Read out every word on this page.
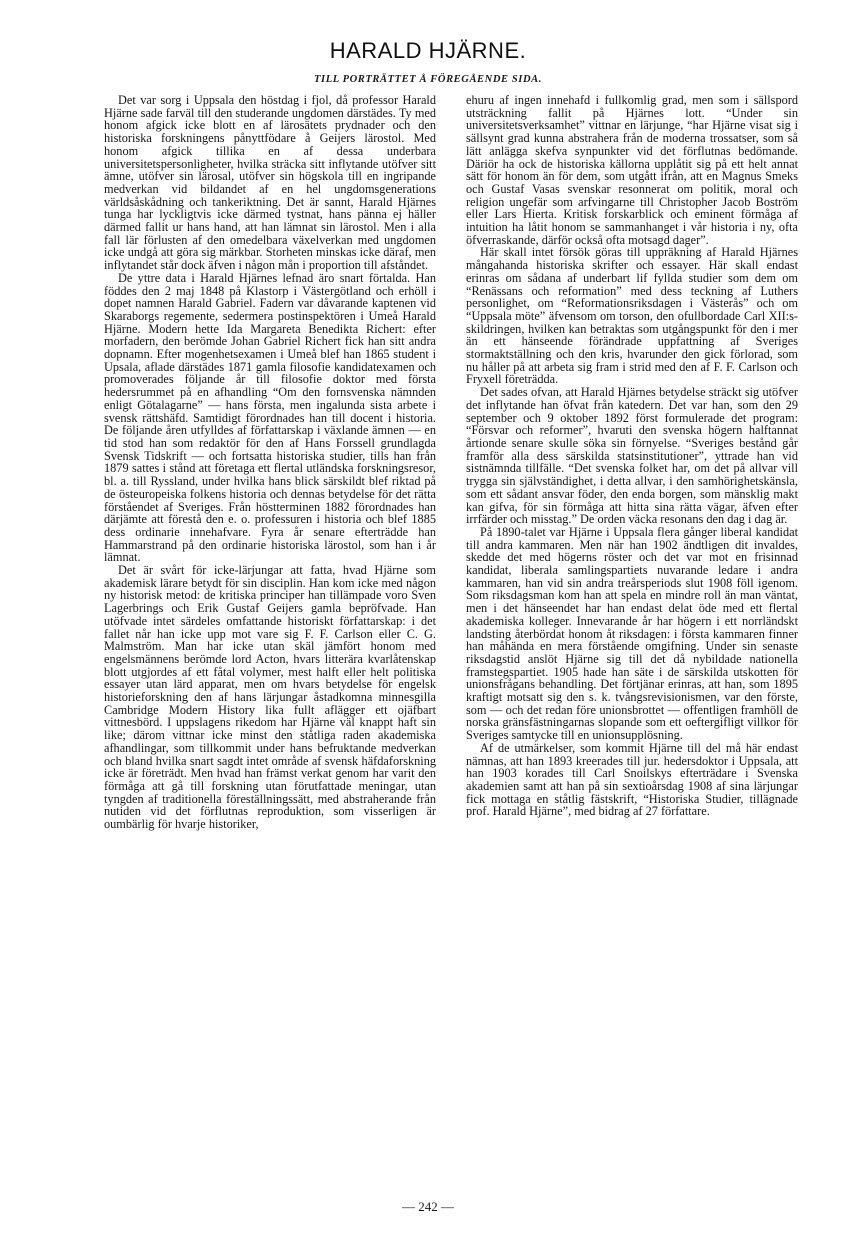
HARALD HJÄRNE.
TILL PORTRÄTTET Å FÖREGÅENDE SIDA.

Det var sorg i Uppsala den höstdag i fjol, då professor Harald Hjärne sade farväl till den studerande ungdomen därstädes. Ty med honom afgick icke blott en af lärosätets prydnader och den historiska forskningens pånyttfödare å Geijers lärostol. Med honom afgick tillika en af dessa underbara universitetspersonligheter, hvilka sträcka sitt inflytande utöfver sitt ämne, utöfver sin lärosal, utöfver sin högskola till en ingripande medverkan vid bildandet af en hel ungdomsgenerations världsåskådning och tankeriktning. Det är sannt, Harald Hjärnes tunga har lyckligtvis icke därmed tystnat, hans pänna ej häller därmed fallit ur hans hand, att han lämnat sin lärostol. Men i alla fall lär förlusten af den omedelbara växelverkan med ungdomen icke undgå att göra sig märkbar. Storheten minskas icke däraf, men inflytandet står dock äfven i någon mån i proportion till afståndet.

De yttre data i Harald Hjärnes lefnad äro snart förtalda. Han föddes den 2 maj 1848 på Klastorp i Västergötland och erhöll i dopet namnen Harald Gabriel. Fadern var dåvarande kaptenen vid Skaraborgs regemente, sedermera postinspektören i Umeå Harald Hjärne. Modern hette Ida Margareta Benedikta Richert: efter morfadern, den berömde Johan Gabriel Richert fick han sitt andra dopnamn. Efter mogenhetsexamen i Umeå blef han 1865 student i Upsala, aflade därstädes 1871 gamla filosofie kandidatexamen och promoverades följande år till filosofie doktor med första hedersrummet på en afhandling “Om den fornsvenska nämnden enligt Götalagarne” — hans första, men ingalunda sista arbete i svensk rättshäfd. Samtidigt förordnades han till docent i historia. De följande åren utfylldes af författarskap i växlande ämnen — en tid stod han som redaktör för den af Hans Forssell grundlagda Svensk Tidskrift — och fortsatta historiska studier, tills han från 1879 sattes i stånd att företaga ett flertal utländska forskningsresor, bl. a. till Ryssland, under hvilka hans blick särskildt blef riktad på de östeuropeiska folkens historia och dennas betydelse för det rätta förståendet af Sveriges. Från höstterminen 1882 förordnades han därjämte att förestå den e. o. professuren i historia och blef 1885 dess ordinarie innehafvare. Fyra år senare efterträdde han Hammarstrand på den ordinarie historiska lärostol, som han i år lämnat.

Det är svårt för icke-lärjungar att fatta, hvad Hjärne som akademisk lärare betydt för sin disciplin. Han kom icke med någon ny historisk metod: de kritiska principer han tillämpade voro Sven Lagerbrings och Erik Gustaf Geijers gamla bepröfvade. Han utöfvade intet särdeles omfattande historiskt författarskap: i det fallet når han icke upp mot vare sig F. F. Carlson eller C. G. Malmström. Man har icke utan skäl jämfört honom med engelsmännens berömde lord Acton, hvars litterära kvarlåtenskap blott utgjordes af ett fåtal volymer, mest halft eller helt politiska essayer utan lärd apparat, men om hvars betydelse för engelsk historieforskning den af hans lärjungar åstadkomna minnesgilla Cambridge Modern History lika fullt aflägger ett ojäfbart vittnesbörd. I uppslagens rikedom har Hjärne väl knappt haft sin like; därom vittnar icke minst den ståtliga raden akademiska afhandlingar, som tillkommit under hans befruktande medverkan och bland hvilka snart sagdt intet område af svensk häfdaforskning icke är företrädt. Men hvad han främst verkat genom har varit den förmåga att gå till forskning utan förutfattade meningar, utan tyngden af traditionella föreställningssätt, med abstraherande från nutiden vid det förflutnas reproduktion, som visserligen är oumbärlig för hvarje historiker,

ehuru af ingen innehafd i fullkomlig grad, men som i sällspord utsträckning fallit på Hjärnes lott. “Under sin universitetsverksamhet” vittnar en lärjunge, “har Hjärne visat sig i sällsynt grad kunna abstrahera från de moderna trossatser, som så lätt anlägga skefva synpunkter vid det förflutnas bedömande. Däriör ha ock de historiska källorna upplåtit sig på ett helt annat sätt för honom än för dem, som utgått ifrån, att en Magnus Smeks och Gustaf Vasas svenskar resonnerat om politik, moral och religion ungefär som arfvingarne till Christopher Jacob Boström eller Lars Hierta. Kritisk forskarblick och eminent förmåga af intuition ha låtit honom se sammanhanget i vår historia i ny, ofta öfverraskande, därför också ofta motsagd dager”.

Här skall intet försök göras till uppräkning af Harald Hjärnes mångahanda historiska skrifter och essayer. Här skall endast erinras om sådana af underbart lif fyllda studier som dem om “Renässans och reformation” med dess teckning af Luthers personlighet, om “Reformationsriksdagen i Västerås” och om “Uppsala möte” äfvensom om torson, den ofullbordade Carl XII:s-skildringen, hvilken kan betraktas som utgångspunkt för den i mer än ett hänseende förändrade uppfattning af Sveriges stormaktställning och den kris, hvarunder den gick förlorad, som nu håller på att arbeta sig fram i strid med den af F. F. Carlson och Fryxell företrädda.

Det sades ofvan, att Harald Hjärnes betydelse sträckt sig utöfver det inflytande han öfvat från katedern. Det var han, som den 29 september och 9 oktober 1892 först formulerade det program: “Försvar och reformer”, hvaruti den svenska högern halftannat årtionde senare skulle söka sin förnyelse. “Sveriges bestånd går framför alla dess särskilda statsinstitutioner”, yttrade han vid sistnämnda tillfälle. “Det svenska folket har, om det på allvar vill trygga sin självständighet, i detta allvar, i den samhörighetskänsla, som ett sådant ansvar föder, den enda borgen, som mänsklig makt kan gifva, för sin förmåga att hitta sina rätta vägar, äfven efter irrfärder och misstag.” De orden väcka resonans den dag i dag är.

På 1890-talet var Hjärne i Uppsala flera gånger liberal kandidat till andra kammaren. Men när han 1902 ändtligen dit invaldes, skedde det med högerns röster och det var mot en frisinnad kandidat, liberala samlingspartiets nuvarande ledare i andra kammaren, han vid sin andra treårsperiods slut 1908 föll igenom. Som riksdagsman kom han att spela en mindre roll än man väntat, men i det hänseendet har han endast delat öde med ett flertal akademiska kolleger. Innevarande år har högern i ett norrländskt landsting återbördat honom åt riksdagen: i första kammaren finner han måhända en mera förstående omgifning. Under sin senaste riksdagstid anslöt Hjärne sig till det då nybildade nationella framstegspartiet. 1905 hade han säte i de särskilda utskotten för unionsfrågans behandling. Det förtjänar erinras, att han, som 1895 kraftigt motsatt sig den s. k. tvångsrevisionismen, var den förste, som — och det redan före unionsbrottet — offentligen framhöll de norska gränsfästningarnas slopande som ett oeftergifligt villkor för Sveriges samtycke till en unionsupplösning.

Af de utmärkelser, som kommit Hjärne till del må här endast nämnas, att han 1893 kreerades till jur. hedersdoktor i Uppsala, att han 1903 korades till Carl Snoilskys efterträdare i Svenska akademien samt att han på sin sextioårsdag 1908 af sina lärjungar fick mottaga en ståtlig fästskrift, “Historiska Studier, tillägnade prof. Harald Hjärne”, med bidrag af 27 författare.

— 242 —
